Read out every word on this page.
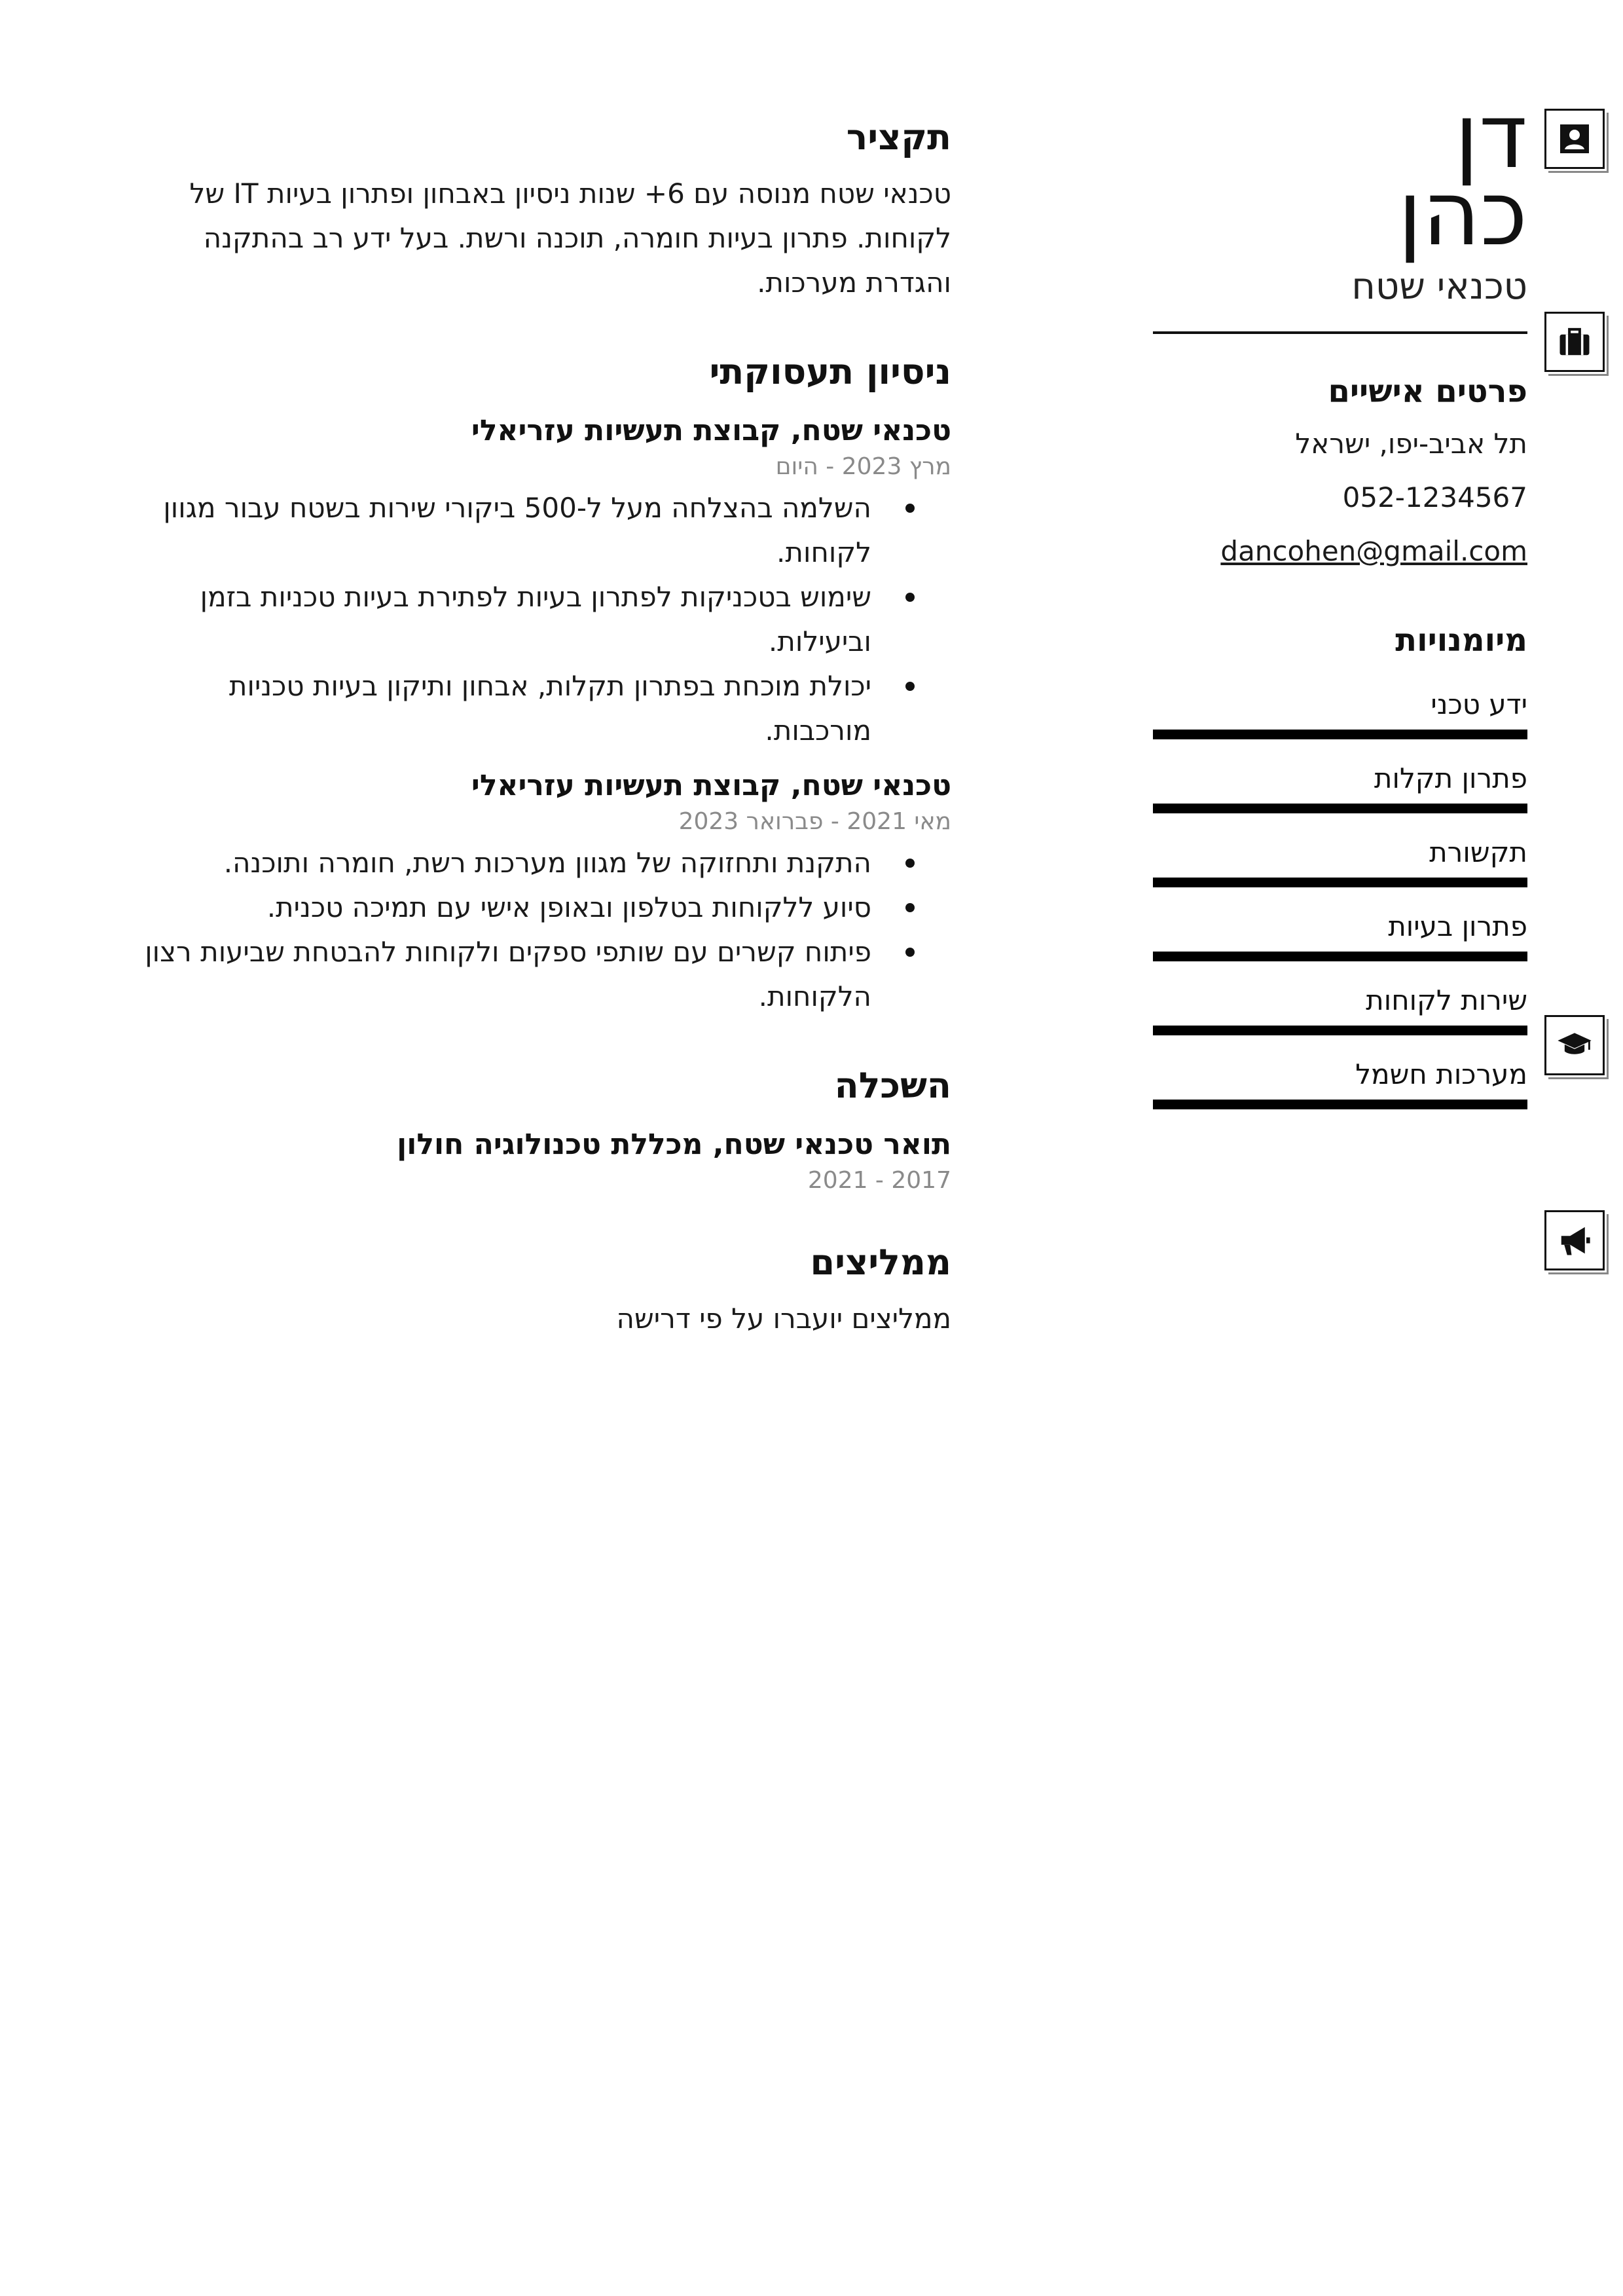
דן
כהן
טכנאי שטח
פרטים אישיים
תל אביב-יפו, ישראל
052-1234567
dancohen@gmail.com
מיומנויות
ידע טכני
פתרון תקלות
תקשורת
פתרון בעיות
שירות לקוחות
מערכות חשמל
תקציר
טכנאי שטח מנוסה עם 6+ שנות ניסיון באבחון ופתרון בעיות IT של לקוחות. פתרון בעיות חומרה, תוכנה ורשת. בעל ידע רב בהתקנה והגדרת מערכות.
ניסיון תעסוקתי
טכנאי שטח, קבוצת תעשיות עזריאלי
מרץ 2023 - היום
השלמה בהצלחה מעל ל-500 ביקורי שירות בשטח עבור מגוון לקוחות.
שימוש בטכניקות לפתרון בעיות לפתירת בעיות טכניות בזמן וביעילות.
יכולת מוכחת בפתרון תקלות, אבחון ותיקון בעיות טכניות מורכבות.
טכנאי שטח, קבוצת תעשיות עזריאלי
מאי 2021 - פברואר 2023
התקנת ותחזוקה של מגוון מערכות רשת, חומרה ותוכנה.
סיוע ללקוחות בטלפון ובאופן אישי עם תמיכה טכנית.
פיתוח קשרים עם שותפי ספקים ולקוחות להבטחת שביעות רצון הלקוחות.
השכלה
תואר טכנאי שטח, מכללת טכנולוגיה חולון
2017 - 2021
ממליצים
ממליצים יועברו על פי דרישה
